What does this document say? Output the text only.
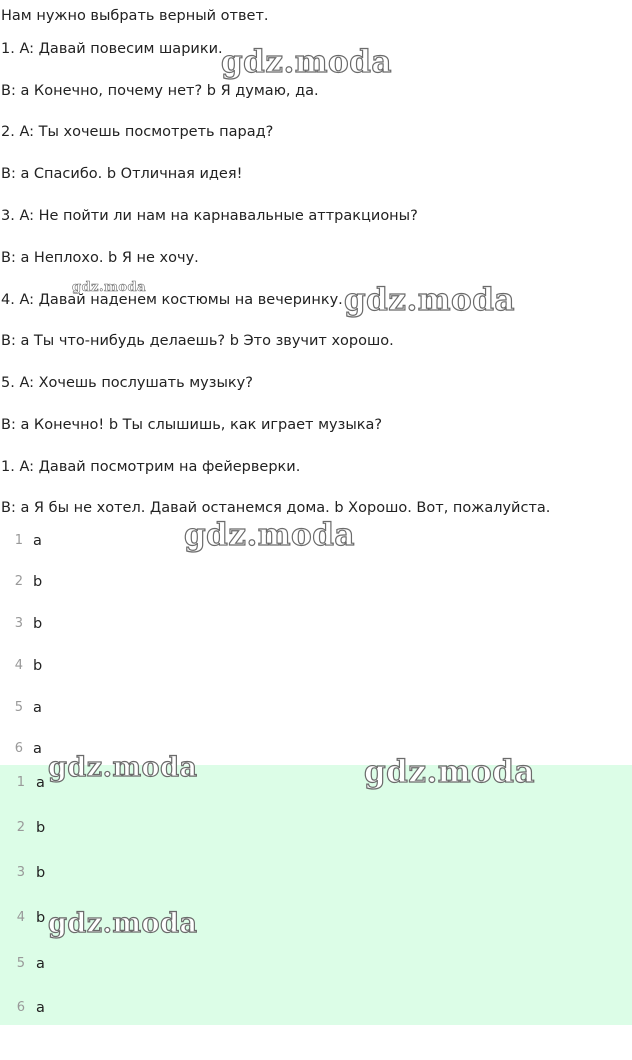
Нам нужно выбрать верный ответ.
1. A: Давай повесим шарики.
B: a Конечно, почему нет? b Я думаю, да.
2. A: Ты хочешь посмотреть парад?
B: a Спасибо. b Отличная идея!
3. A: Не пойти ли нам на карнавальные аттракционы?
B: a Неплохо. b Я не хочу.
4. A: Давай наденем костюмы на вечеринку.
B: a Ты что-нибудь делаешь? b Это звучит хорошо.
5. A: Хочешь послушать музыку?
B: a Конечно! b Ты слышишь, как играет музыка?
1. A: Давай посмотрим на фейерверки.
B: a Я бы не хотел. Давай останемся дома. b Хорошо. Вот, пожалуйста.
1 a
2 b
3 b
4 b
5 a
6 a
1 a
2 b
3 b
4 b
5 a
6 a
gdz.moda
gdz.moda	gdz.moda
gdz.moda
gdz.moda	gdz.moda
gdz.moda
